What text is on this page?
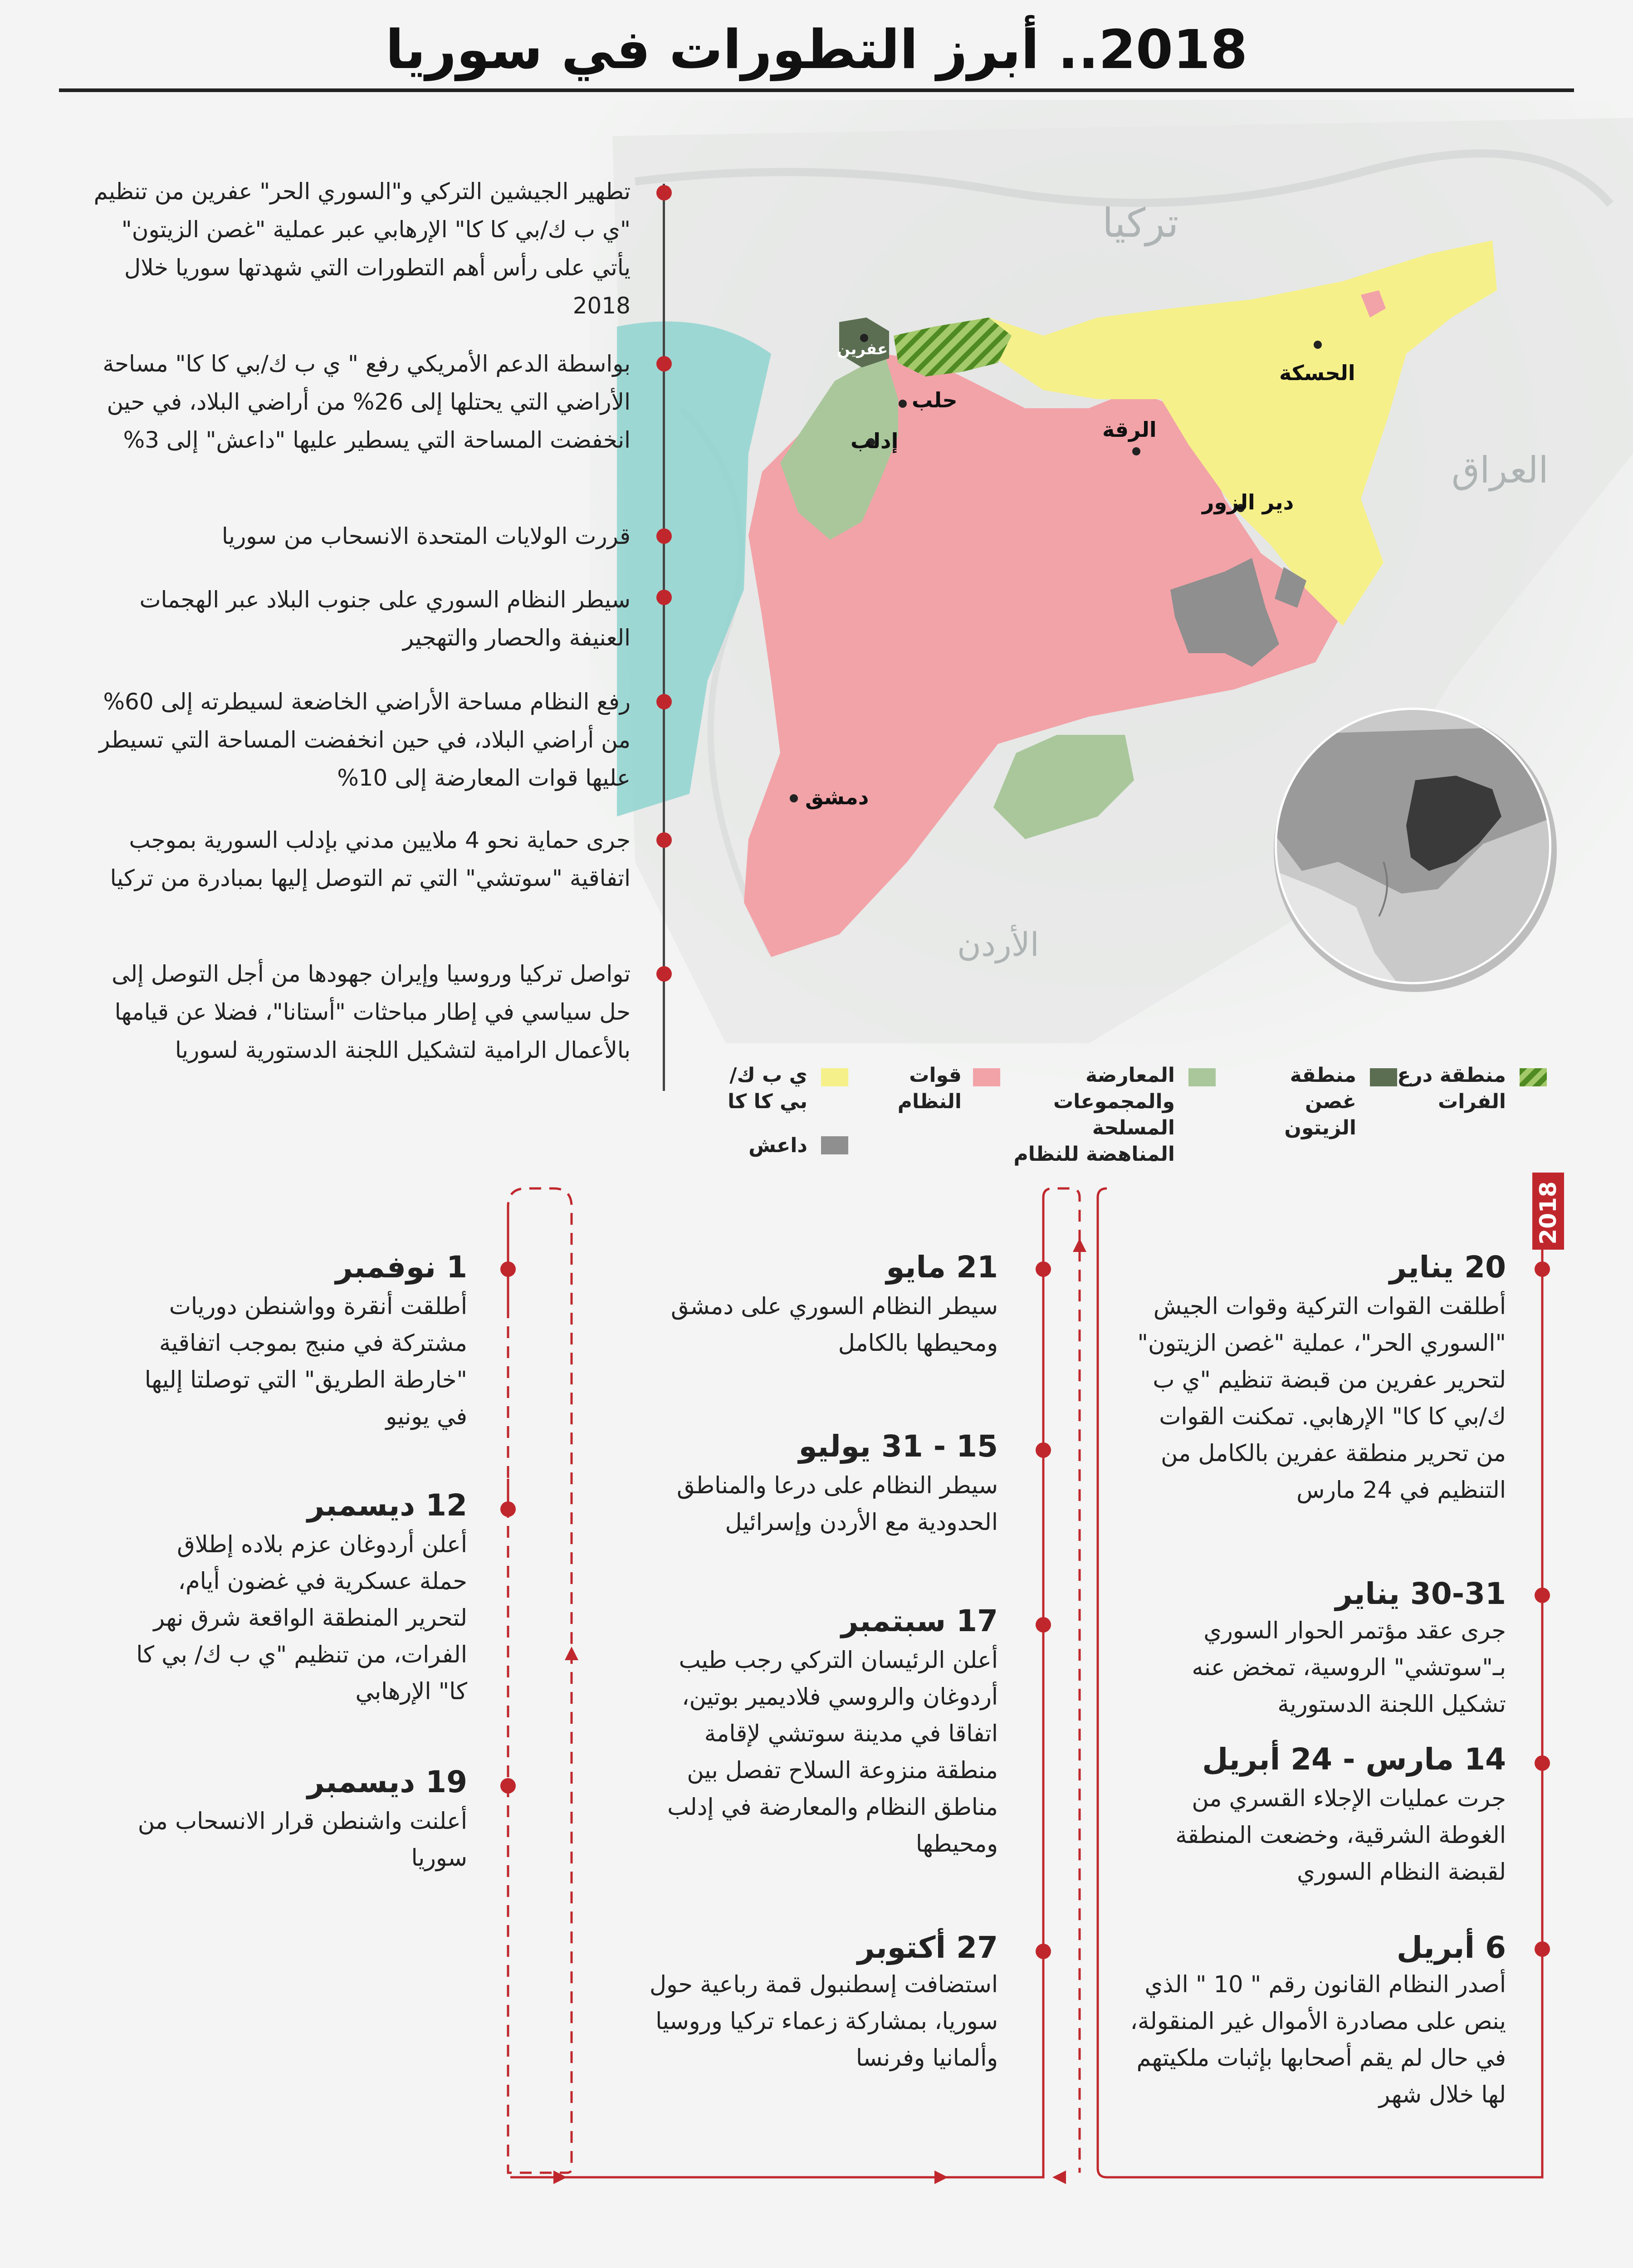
2018.. أبرز التطورات في سوريا
تركيا
العراق
الأردن
عفرين
حلب
إدلب	الرقة
الحسكة
دير الزور
دمشق
تطهير الجيشين التركي و"السوري الحر" عفرين من تنظيم "ي ب ك/بي كا كا" الإرهابي عبر عملية "غصن الزيتون" يأتي على رأس أهم التطورات التي شهدتها سوريا خلال 2018
بواسطة الدعم الأمريكي رفع " ي ب ك/بي كا كا" مساحة الأراضي التي يحتلها إلى 26% من أراضي البلاد، في حين انخفضت المساحة التي يسطير عليها "داعش" إلى 3%
قررت الولايات المتحدة الانسحاب من سوريا
سيطر النظام السوري على جنوب البلاد عبر الهجمات العنيفة والحصار والتهجير
رفع النظام مساحة الأراضي الخاضعة لسيطرته إلى 60% من أراضي البلاد، في حين انخفضت المساحة التي تسيطر عليها قوات المعارضة إلى 10%
جرى حماية نحو 4 ملايين مدني بإدلب السورية بموجب اتفاقية "سوتشي" التي تم التوصل إليها بمبادرة من تركيا
تواصل تركيا وروسيا وإيران جهودها من أجل التوصل إلى حل سياسي في إطار مباحثات "أستانا"، فضلا عن قيامها بالأعمال الرامية لتشكيل اللجنة الدستورية لسوريا
منطقة درع الفرات
منطقة غصن الزيتون
المعارضة والمجموعات المسلحة المناهضة للنظام
قوات النظام
ي ب ك/ بي كا كا
داعش
2018
20 يناير
أطلقت القوات التركية وقوات الجيش "السوري الحر"، عملية "غصن الزيتون" لتحرير عفرين من قبضة تنظيم "ي ب ك/بي كا كا" الإرهابي. تمكنت القوات من تحرير منطقة عفرين بالكامل من التنظيم في 24 مارس
30-31 يناير
جرى عقد مؤتمر الحوار السوري بـ"سوتشي" الروسية، تمخض عنه تشكيل اللجنة الدستورية
14 مارس - 24 أبريل
جرت عمليات الإجلاء القسري من الغوطة الشرقية، وخضعت المنطقة لقبضة النظام السوري
6 أبريل
أصدر النظام القانون رقم " 10 " الذي ينص على مصادرة الأموال غير المنقولة، في حال لم يقم أصحابها بإثبات ملكيتهم لها خلال شهر
21 مايو
سيطر النظام السوري على دمشق ومحيطها بالكامل
15 - 31 يوليو
سيطر النظام على درعا والمناطق الحدودية مع الأردن وإسرائيل
17 سبتمبر
أعلن الرئيسان التركي رجب طيب أردوغان والروسي فلاديمير بوتين، اتفاقا في مدينة سوتشي لإقامة منطقة منزوعة السلاح تفصل بين مناطق النظام والمعارضة في إدلب ومحيطها
27 أكتوبر
استضافت إسطنبول قمة رباعية حول سوريا، بمشاركة زعماء تركيا وروسيا وألمانيا وفرنسا
1 نوفمبر
أطلقت أنقرة وواشنطن دوريات مشتركة في منبج بموجب اتفاقية "خارطة الطريق" التي توصلتا إليها في يونيو
12 ديسمبر
أعلن أردوغان عزم بلاده إطلاق حملة عسكرية في غضون أيام، لتحرير المنطقة الواقعة شرق نهر الفرات، من تنظيم "ي ب ك/ بي كا كا" الإرهابي
19 ديسمبر
أعلنت واشنطن قرار الانسحاب من سوريا
